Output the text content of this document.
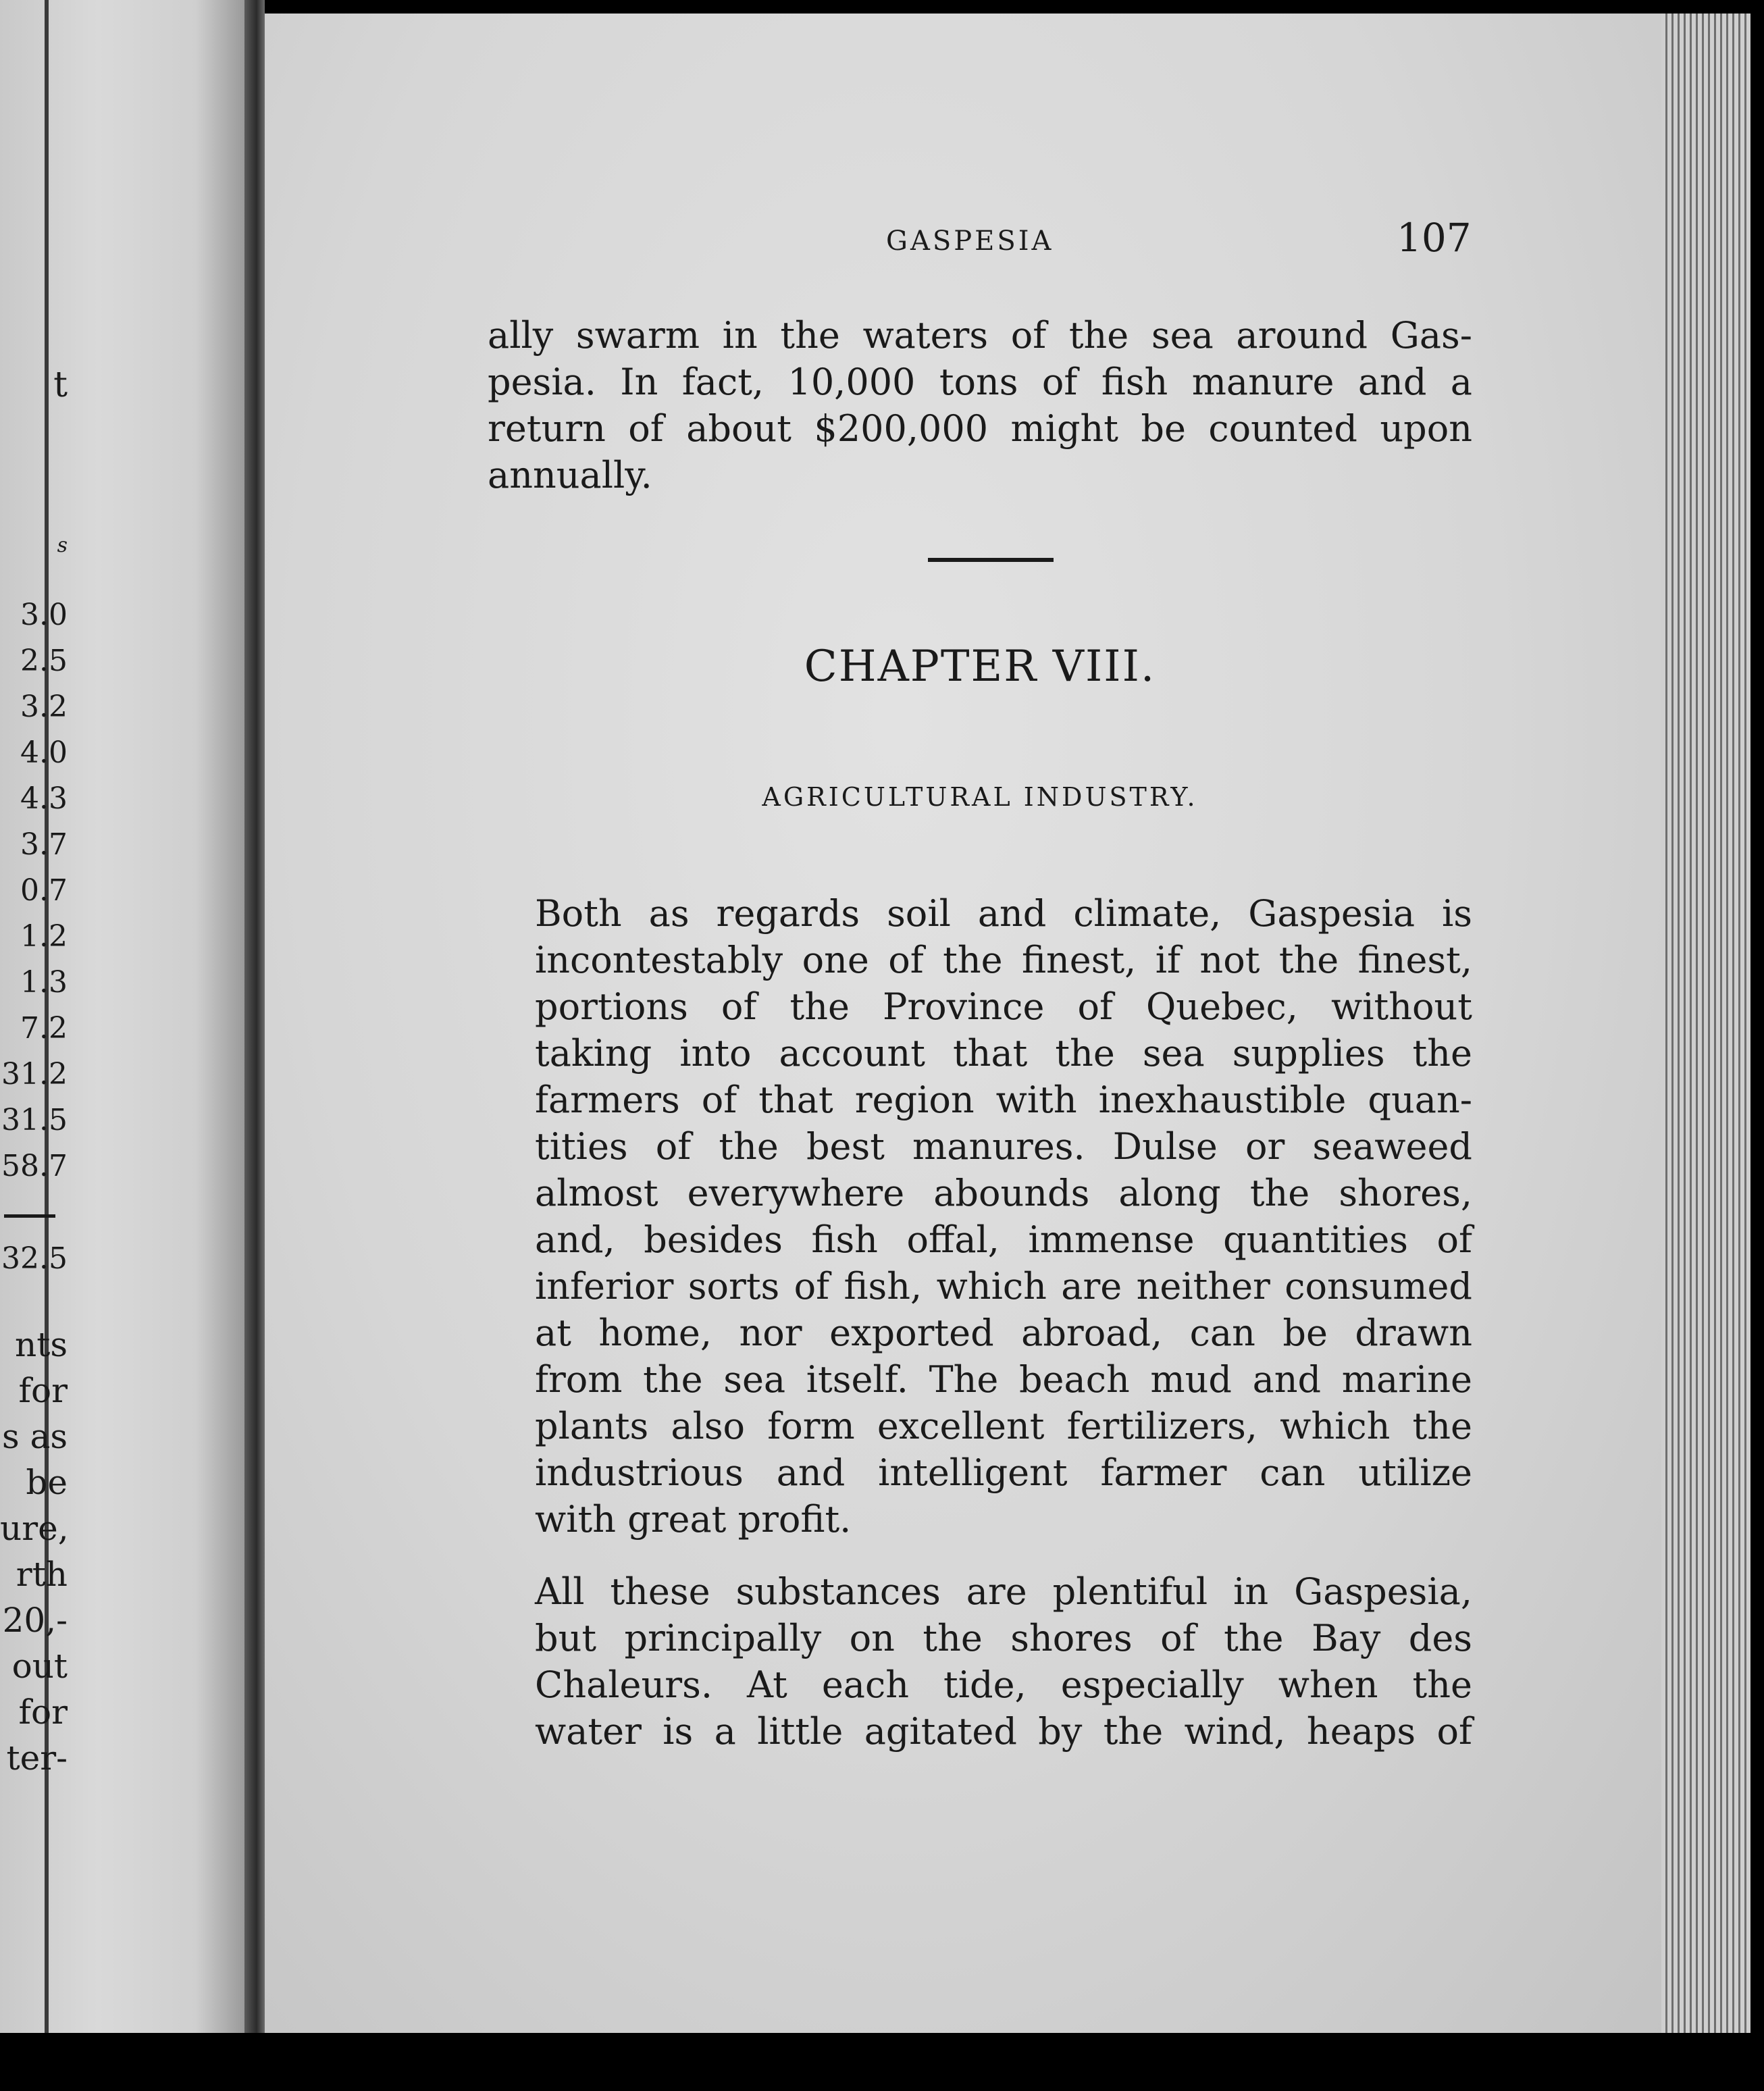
t
s
3.0
2.5
3.2
4.0
4.3
3.7
0.7
1.2
1.3
7.2
31.2
31.5
58.7
32.5
nts
for
s as
be
ure,
rth
20,-
out
for
ter-
GASPESIA	107
ally swarm in the waters of the sea around Gas-
pesia. In fact, 10,000 tons of fish manure and a
return of about $200,000 might be counted upon
annually.
CHAPTER VIII.
AGRICULTURAL INDUSTRY.
Both as regards soil and climate, Gaspesia is
incontestably one of the finest, if not the finest,
portions of the Province of Quebec, without
taking into account that the sea supplies the
farmers of that region with inexhaustible quan-
tities of the best manures. Dulse or seaweed
almost everywhere abounds along the shores,
and, besides fish offal, immense quantities of
inferior sorts of fish, which are neither consumed
at home, nor exported abroad, can be drawn
from the sea itself. The beach mud and marine
plants also form excellent fertilizers, which the
industrious and intelligent farmer can utilize
with great profit.
All these substances are plentiful in Gaspesia,
but principally on the shores of the Bay des
Chaleurs. At each tide, especially when the
water is a little agitated by the wind, heaps of
